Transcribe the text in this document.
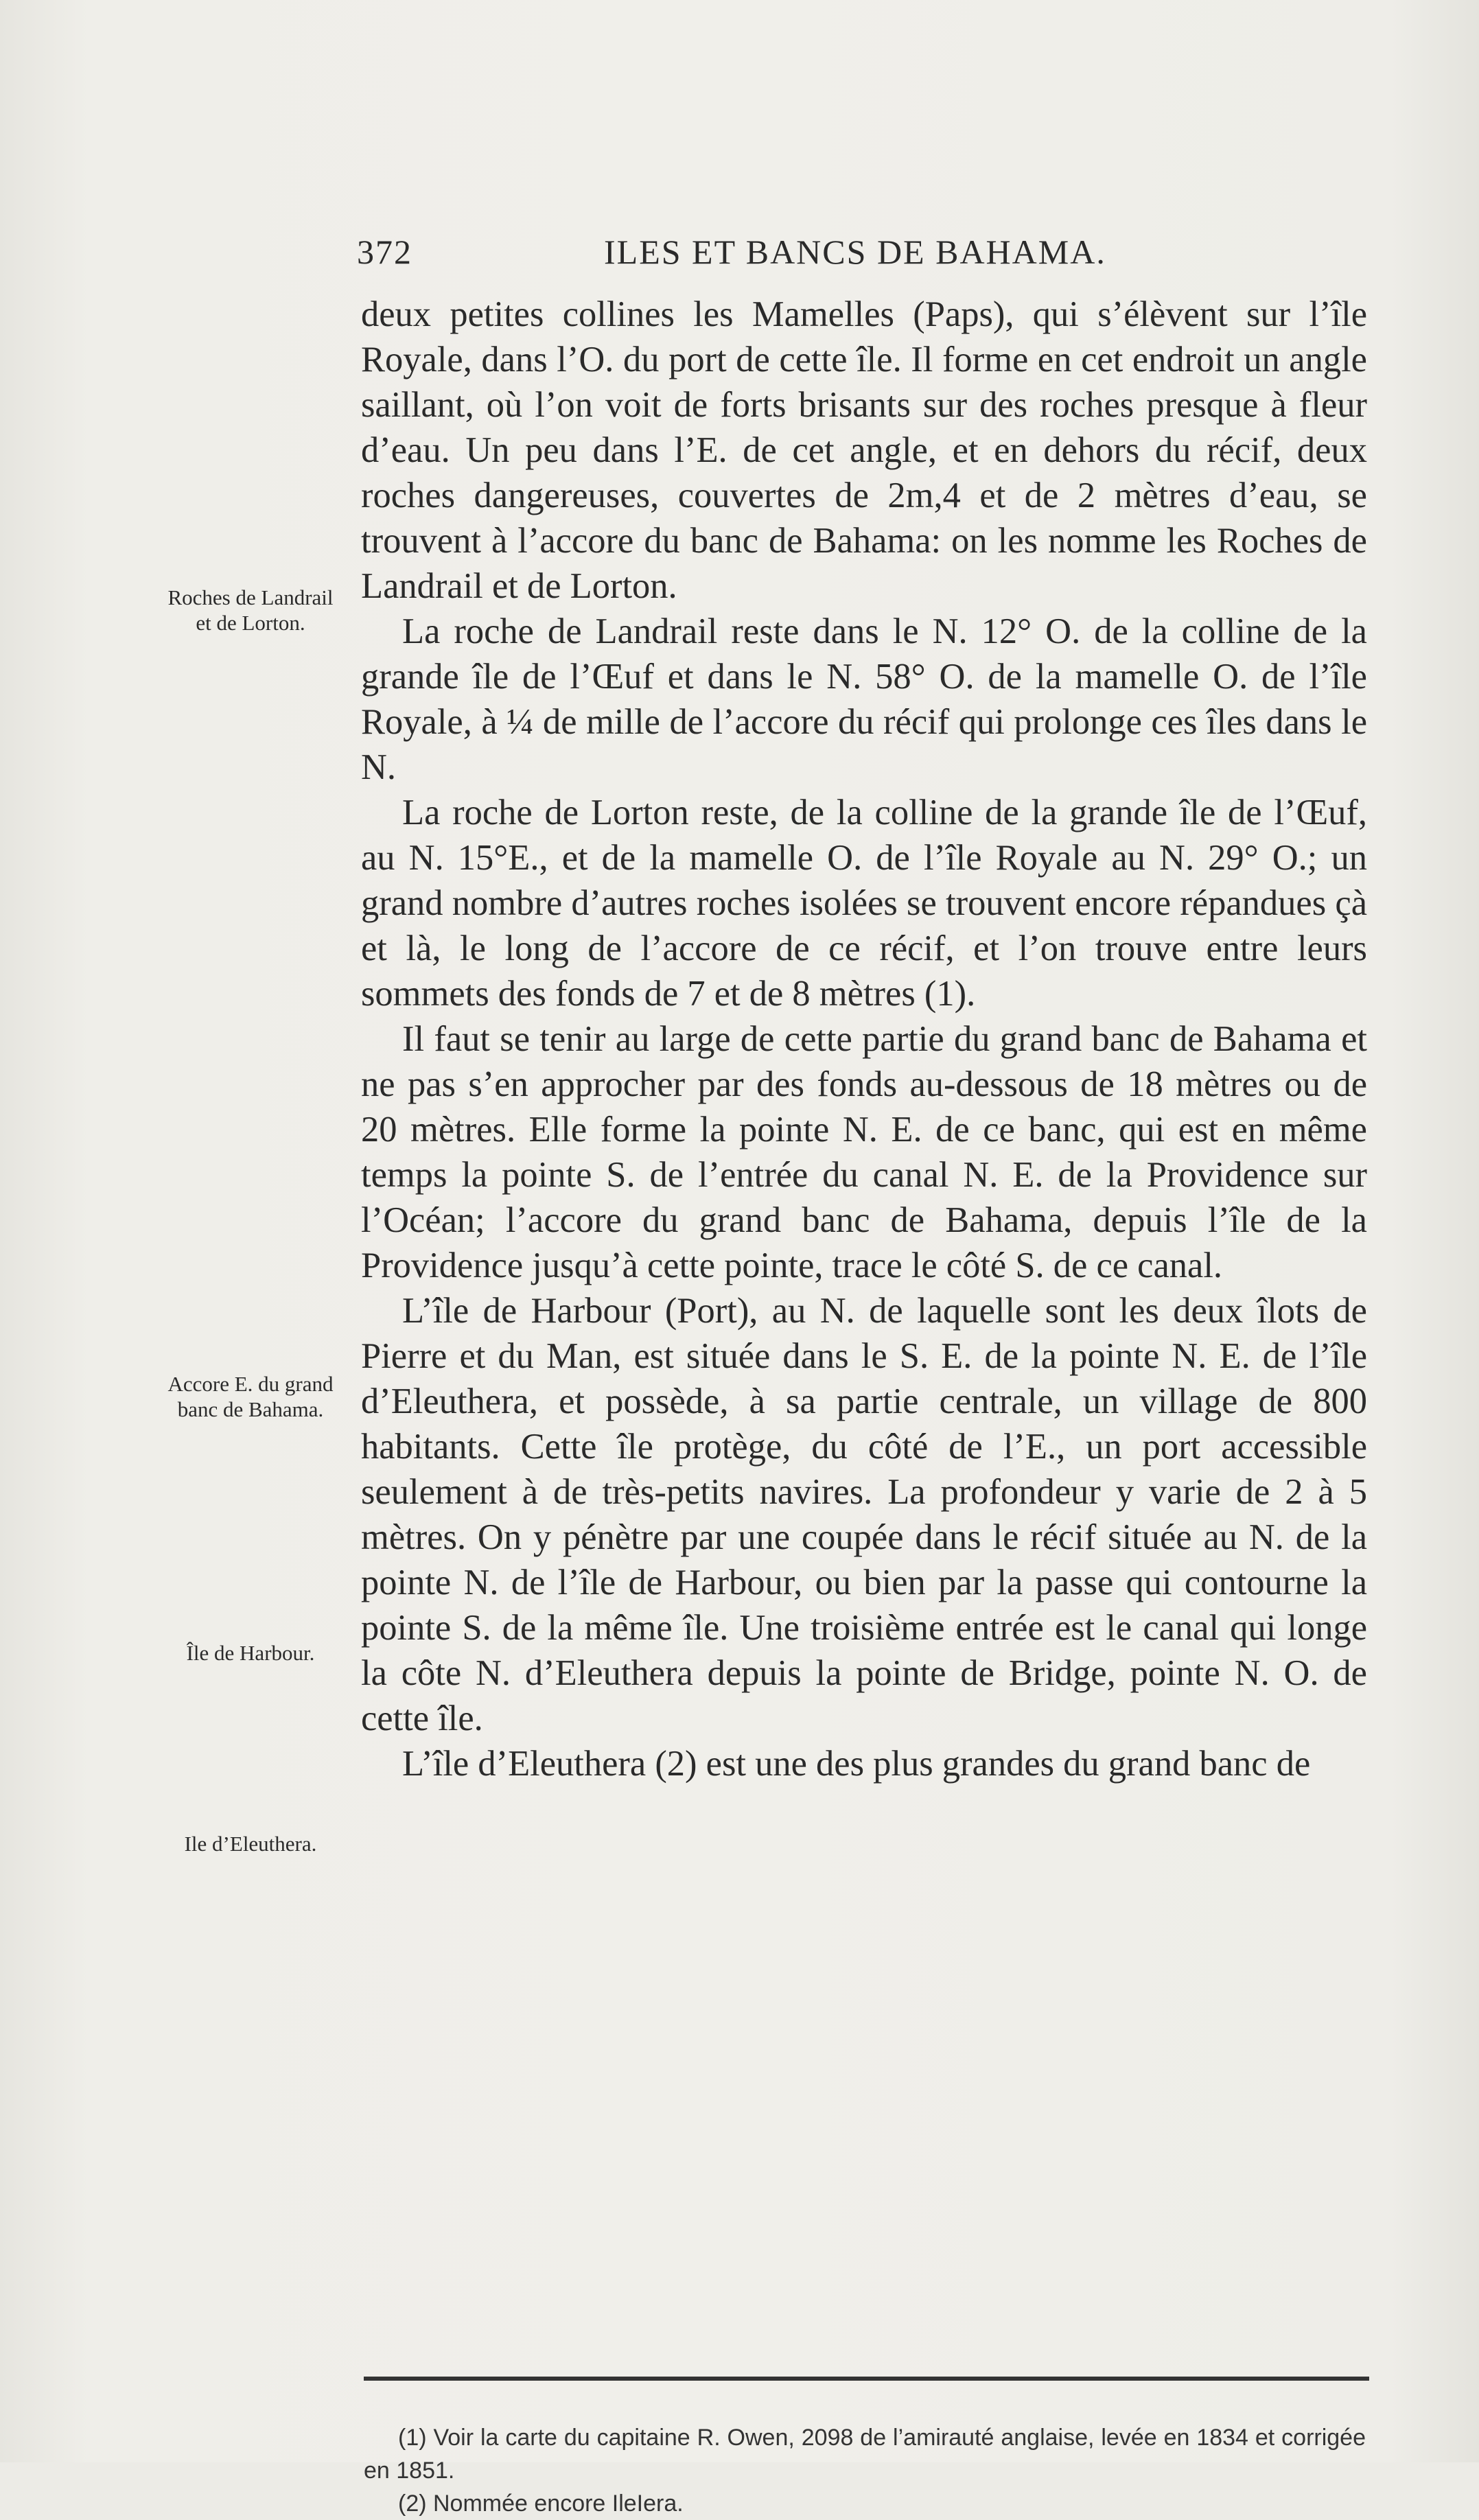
372	ILES ET BANCS DE BAHAMA.

deux petites collines les Mamelles (Paps), qui s’élèvent sur l’île Royale, dans l’O. du port de cette île. Il forme en cet endroit un angle saillant, où l’on voit de forts brisants sur des roches presque à fleur d’eau. Un peu dans l’E. de cet angle, et en dehors du récif, deux roches dangereuses, couvertes de 2m,4 et de 2 mètres d’eau, se trouvent à l’accore du banc de Bahama: on les nomme les Roches de Landrail et de Lorton.

La roche de Landrail reste dans le N. 12° O. de la colline de la grande île de l’Œuf et dans le N. 58° O. de la mamelle O. de l’île Royale, à ¼ de mille de l’accore du récif qui prolonge ces îles dans le N.

La roche de Lorton reste, de la colline de la grande île de l’Œuf, au N. 15°E., et de la mamelle O. de l’île Royale au N. 29° O.; un grand nombre d’autres roches isolées se trouvent encore répandues çà et là, le long de l’accore de ce récif, et l’on trouve entre leurs sommets des fonds de 7 et de 8 mètres (1).

Il faut se tenir au large de cette partie du grand banc de Bahama et ne pas s’en approcher par des fonds au-dessous de 18 mètres ou de 20 mètres. Elle forme la pointe N. E. de ce banc, qui est en même temps la pointe S. de l’entrée du canal N. E. de la Providence sur l’Océan; l’accore du grand banc de Bahama, depuis l’île de la Providence jusqu’à cette pointe, trace le côté S. de ce canal.

L’île de Harbour (Port), au N. de laquelle sont les deux îlots de Pierre et du Man, est située dans le S. E. de la pointe N. E. de l’île d’Eleuthera, et possède, à sa partie centrale, un village de 800 habitants. Cette île protège, du côté de l’E., un port accessible seulement à de très-petits navires. La profondeur y varie de 2 à 5 mètres. On y pénètre par une coupée dans le récif située au N. de la pointe N. de l’île de Harbour, ou bien par la passe qui contourne la pointe S. de la même île. Une troisième entrée est le canal qui longe la côte N. d’Eleuthera depuis la pointe de Bridge, pointe N. O. de cette île.

L’île d’Eleuthera (2) est une des plus grandes du grand banc de

Roches de Landrail et de Lorton.
Accore E. du grand banc de Bahama.
Île de Harbour.
Ile d’Eleuthera.

(1) Voir la carte du capitaine R. Owen, 2098 de l’amirauté anglaise, levée en 1834 et corrigée en 1851.

(2) Nommée encore IleIera.
